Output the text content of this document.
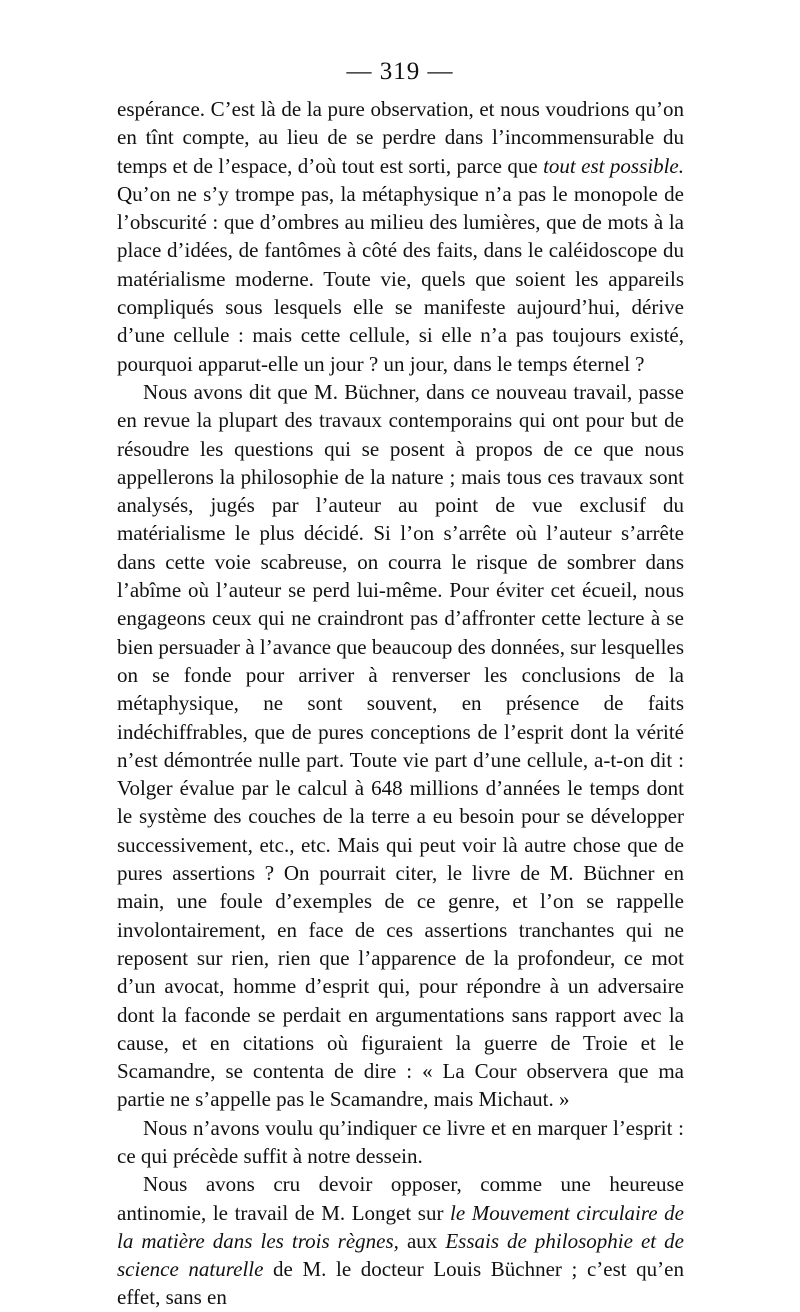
— 319 —

espérance. C’est là de la pure observation, et nous voudrions qu’on en tînt compte, au lieu de se perdre dans l’incommensurable du temps et de l’espace, d’où tout est sorti, parce que tout est possible. Qu’on ne s’y trompe pas, la métaphysique n’a pas le monopole de l’obscurité : que d’ombres au milieu des lumières, que de mots à la place d’idées, de fantômes à côté des faits, dans le caléidoscope du matérialisme moderne. Toute vie, quels que soient les appareils compliqués sous lesquels elle se manifeste aujourd’hui, dérive d’une cellule : mais cette cellule, si elle n’a pas toujours existé, pourquoi apparut-elle un jour ? un jour, dans le temps éternel ?

Nous avons dit que M. Büchner, dans ce nouveau travail, passe en revue la plupart des travaux contemporains qui ont pour but de résoudre les questions qui se posent à propos de ce que nous appellerons la philosophie de la nature ; mais tous ces travaux sont analysés, jugés par l’auteur au point de vue exclusif du matérialisme le plus décidé. Si l’on s’arrête où l’auteur s’arrête dans cette voie scabreuse, on courra le risque de sombrer dans l’abîme où l’auteur se perd lui-même. Pour éviter cet écueil, nous engageons ceux qui ne craindront pas d’affronter cette lecture à se bien persuader à l’avance que beaucoup des données, sur lesquelles on se fonde pour arriver à renverser les conclusions de la métaphysique, ne sont souvent, en présence de faits indéchiffrables, que de pures conceptions de l’esprit dont la vérité n’est démontrée nulle part. Toute vie part d’une cellule, a-t-on dit : Volger évalue par le calcul à 648 millions d’années le temps dont le système des couches de la terre a eu besoin pour se développer successivement, etc., etc. Mais qui peut voir là autre chose que de pures assertions ? On pourrait citer, le livre de M. Büchner en main, une foule d’exemples de ce genre, et l’on se rappelle involontairement, en face de ces assertions tranchantes qui ne reposent sur rien, rien que l’apparence de la profondeur, ce mot d’un avocat, homme d’esprit qui, pour répondre à un adversaire dont la faconde se perdait en argumentations sans rapport avec la cause, et en citations où figuraient la guerre de Troie et le Scamandre, se contenta de dire : « La Cour observera que ma partie ne s’appelle pas le Scamandre, mais Michaut. »

Nous n’avons voulu qu’indiquer ce livre et en marquer l’esprit : ce qui précède suffit à notre dessein.

Nous avons cru devoir opposer, comme une heureuse antinomie, le travail de M. Longet sur le Mouvement circulaire de la matière dans les trois règnes, aux Essais de philosophie et de science naturelle de M. le docteur Louis Büchner ; c’est qu’en effet, sans en
